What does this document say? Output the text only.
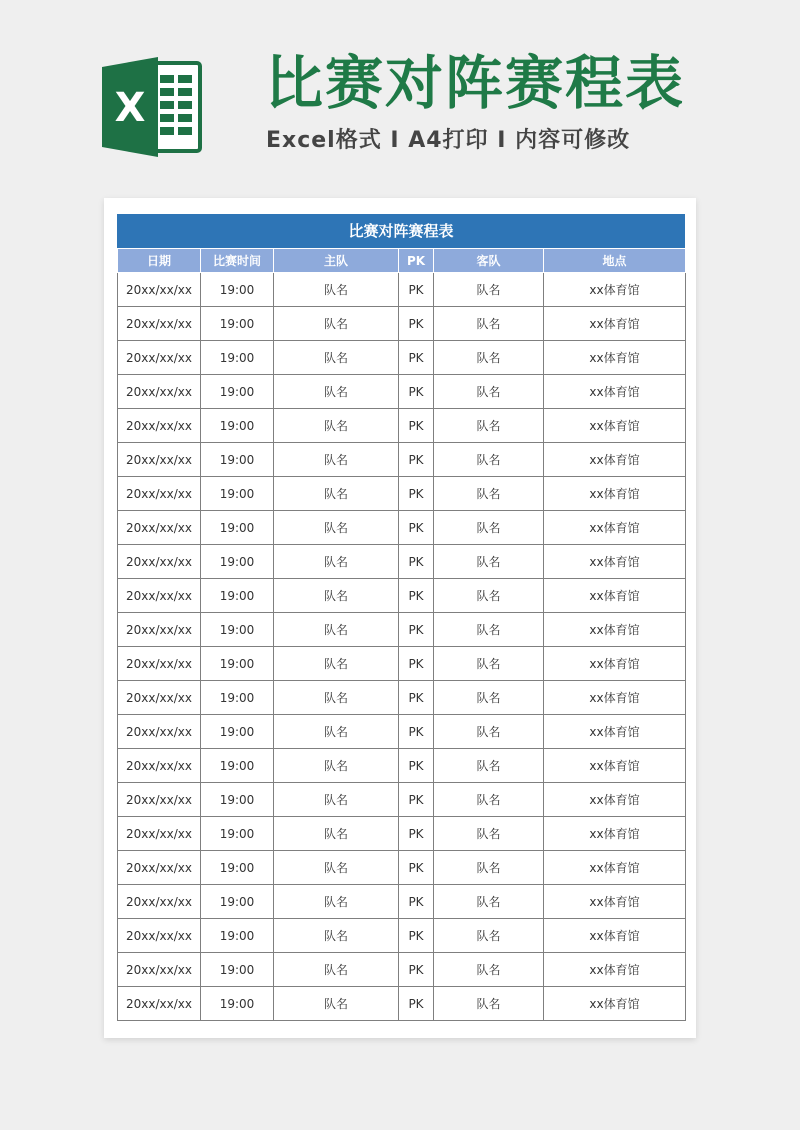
X 比赛对阵赛程表
Excel格式 I A4打印 I 内容可修改
比赛对阵赛程表
日期	比赛时间	主队	PK	客队	地点
20xx/xx/xx	19:00	队名	PK	队名	xx体育馆
20xx/xx/xx	19:00	队名	PK	队名	xx体育馆
20xx/xx/xx	19:00	队名	PK	队名	xx体育馆
20xx/xx/xx	19:00	队名	PK	队名	xx体育馆
20xx/xx/xx	19:00	队名	PK	队名	xx体育馆
20xx/xx/xx	19:00	队名	PK	队名	xx体育馆
20xx/xx/xx	19:00	队名	PK	队名	xx体育馆
20xx/xx/xx	19:00	队名	PK	队名	xx体育馆
20xx/xx/xx	19:00	队名	PK	队名	xx体育馆
20xx/xx/xx	19:00	队名	PK	队名	xx体育馆
20xx/xx/xx	19:00	队名	PK	队名	xx体育馆
20xx/xx/xx	19:00	队名	PK	队名	xx体育馆
20xx/xx/xx	19:00	队名	PK	队名	xx体育馆
20xx/xx/xx	19:00	队名	PK	队名	xx体育馆
20xx/xx/xx	19:00	队名	PK	队名	xx体育馆
20xx/xx/xx	19:00	队名	PK	队名	xx体育馆
20xx/xx/xx	19:00	队名	PK	队名	xx体育馆
20xx/xx/xx	19:00	队名	PK	队名	xx体育馆
20xx/xx/xx	19:00	队名	PK	队名	xx体育馆
20xx/xx/xx	19:00	队名	PK	队名	xx体育馆
20xx/xx/xx	19:00	队名	PK	队名	xx体育馆
20xx/xx/xx	19:00	队名	PK	队名	xx体育馆
